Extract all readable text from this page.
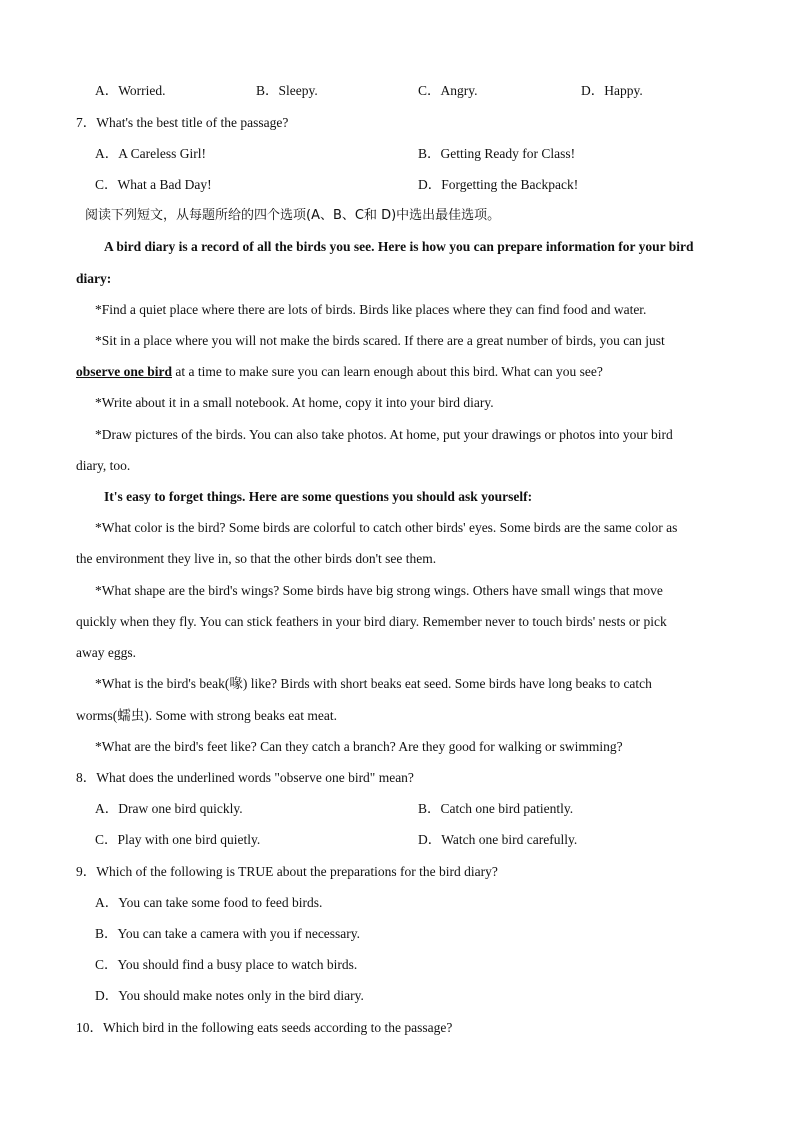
A．Worried.	B．Sleepy.	C．Angry.	D．Happy.
7．What's the best title of the passage?
A．A Careless Girl!	B．Getting Ready for Class!
C．What a Bad Day!	D．Forgetting the Backpack!
阅读下列短文，从每题所给的四个选项(A、B、C和 D)中选出最佳选项。
A bird diary is a record of all the birds you see. Here is how you can prepare information for your bird
diary:
*Find a quiet place where there are lots of birds. Birds like places where they can find food and water.
*Sit in a place where you will not make the birds scared. If there are a great number of birds, you can just
observe one bird at a time to make sure you can learn enough about this bird. What can you see?
*Write about it in a small notebook. At home, copy it into your bird diary.
*Draw pictures of the birds. You can also take photos. At home, put your drawings or photos into your bird
diary, too.
It's easy to forget things. Here are some questions you should ask yourself:
*What color is the bird? Some birds are colorful to catch other birds' eyes. Some birds are the same color as
the environment they live in, so that the other birds don't see them.
*What shape are the bird's wings? Some birds have big strong wings. Others have small wings that move
quickly when they fly. You can stick feathers in your bird diary. Remember never to touch birds' nests or pick
away eggs.
*What is the bird's beak(喙) like? Birds with short beaks eat seed. Some birds have long beaks to catch
worms(蠕虫). Some with strong beaks eat meat.
*What are the bird's feet like? Can they catch a branch? Are they good for walking or swimming?
8．What does the underlined words "observe one bird" mean?
A．Draw one bird quickly.	B．Catch one bird patiently.
C．Play with one bird quietly.	D．Watch one bird carefully.
9．Which of the following is TRUE about the preparations for the bird diary?
A．You can take some food to feed birds.
B．You can take a camera with you if necessary.
C．You should find a busy place to watch birds.
D．You should make notes only in the bird diary.
10．Which bird in the following eats seeds according to the passage?
